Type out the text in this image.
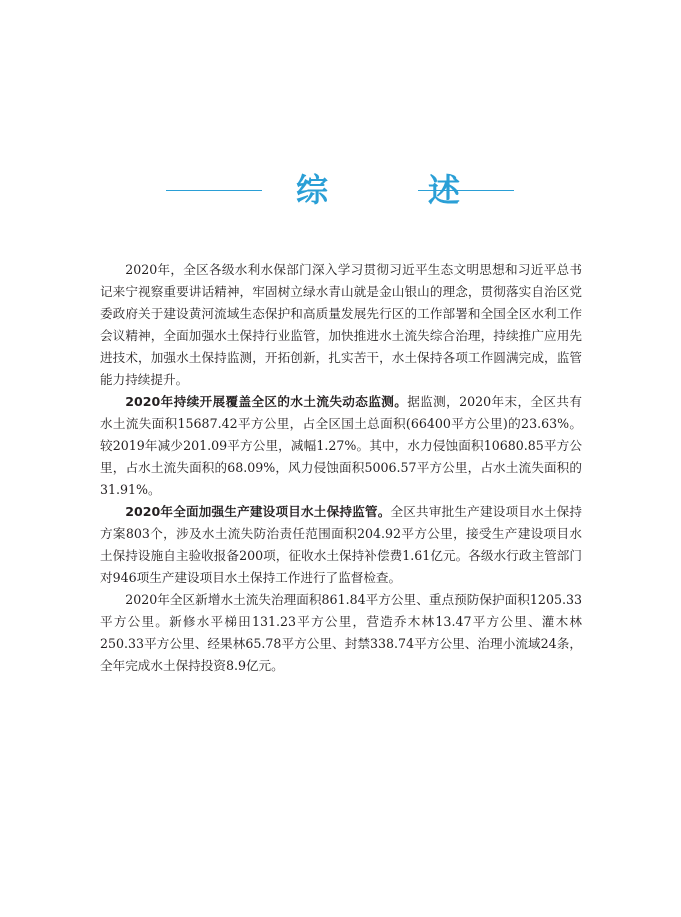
综　述

2020年，全区各级水利水保部门深入学习贯彻习近平生态文明思想和习近平总书记来宁视察重要讲话精神，牢固树立绿水青山就是金山银山的理念，贯彻落实自治区党委政府关于建设黄河流域生态保护和高质量发展先行区的工作部署和全国全区水利工作会议精神，全面加强水土保持行业监管，加快推进水土流失综合治理，持续推广应用先进技术，加强水土保持监测，开拓创新，扎实苦干，水土保持各项工作圆满完成，监管能力持续提升。

2020年持续开展覆盖全区的水土流失动态监测。据监测，2020年末，全区共有水土流失面积15687.42平方公里，占全区国土总面积(66400平方公里)的23.63%。较2019年减少201.09平方公里，减幅1.27%。其中，水力侵蚀面积10680.85平方公里，占水土流失面积的68.09%，风力侵蚀面积5006.57平方公里，占水土流失面积的31.91%。

2020年全面加强生产建设项目水土保持监管。全区共审批生产建设项目水土保持方案803个，涉及水土流失防治责任范围面积204.92平方公里，接受生产建设项目水土保持设施自主验收报备200项，征收水土保持补偿费1.61亿元。各级水行政主管部门对946项生产建设项目水土保持工作进行了监督检查。

2020年全区新增水土流失治理面积861.84平方公里、重点预防保护面积1205.33平方公里。新修水平梯田131.23平方公里，营造乔木林13.47平方公里、灌木林250.33平方公里、经果林65.78平方公里、封禁338.74平方公里、治理小流域24条，全年完成水土保持投资8.9亿元。
